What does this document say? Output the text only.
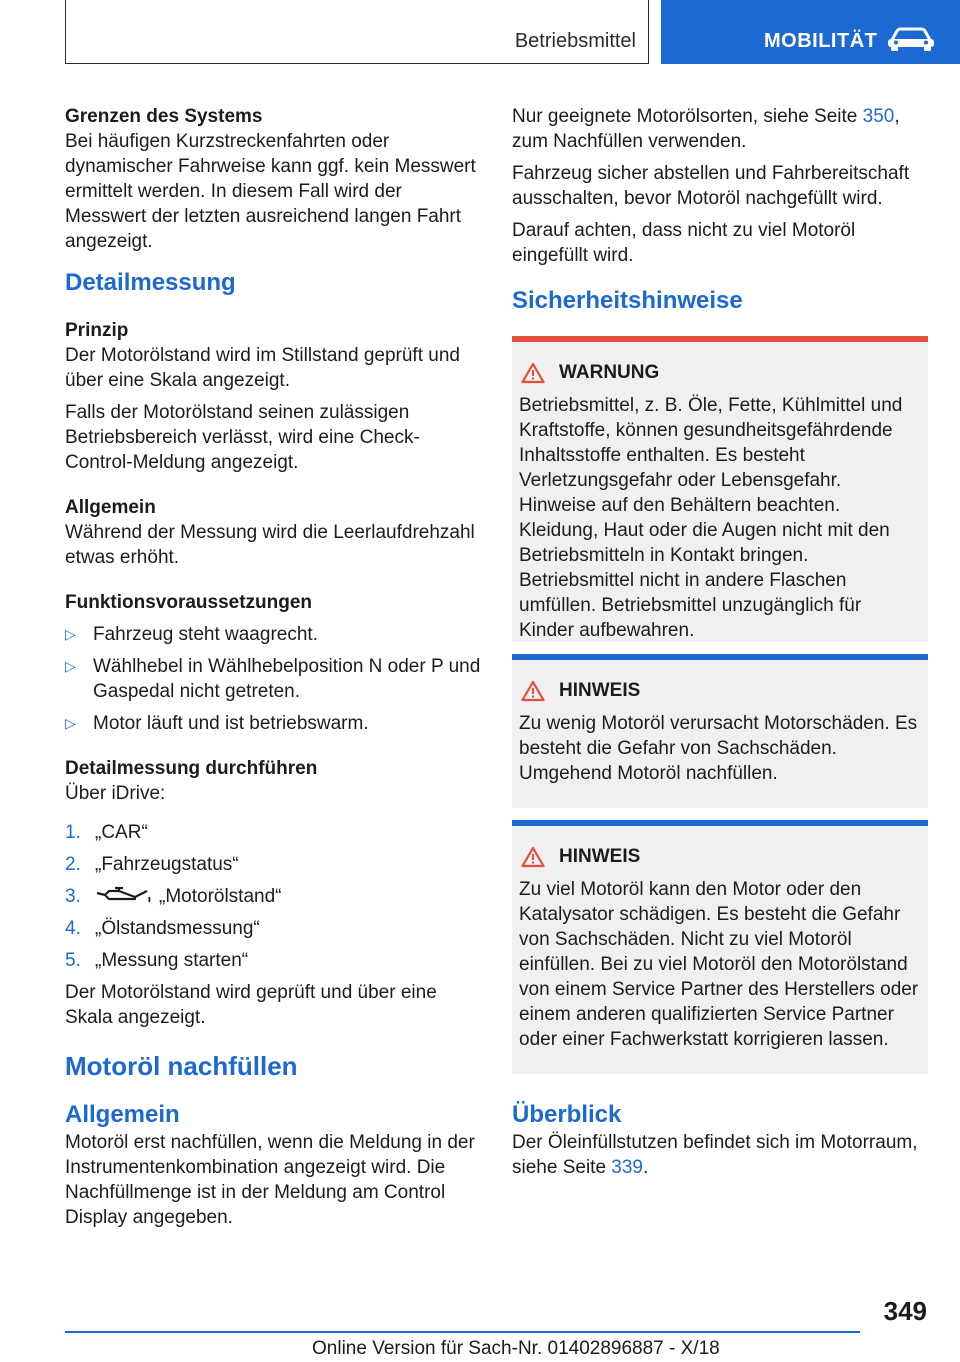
Betriebsmittel	MOBILITÄT

Grenzen des Systems

Bei häufigen Kurzstreckenfahrten oder dynamischer Fahrweise kann ggf. kein Messwert ermittelt werden. In diesem Fall wird der Messwert der letzten ausreichend langen Fahrt angezeigt.

Detailmessung

Prinzip

Der Motorölstand wird im Stillstand geprüft und über eine Skala angezeigt.

Falls der Motorölstand seinen zulässigen Betriebsbereich verlässt, wird eine Check-Control-Meldung angezeigt.

Allgemein

Während der Messung wird die Leerlaufdrehzahl etwas erhöht.

Funktionsvoraussetzungen

▷ Fahrzeug steht waagrecht.
▷ Wählhebel in Wählhebelposition N oder P und Gaspedal nicht getreten.
▷ Motor läuft und ist betriebswarm.

Detailmessung durchführen

Über iDrive:

1. „CAR“
2. „Fahrzeugstatus“
3.	„Motorölstand“
4. „Ölstandsmessung“
5. „Messung starten“

Der Motorölstand wird geprüft und über eine Skala angezeigt.

Motoröl nachfüllen

Allgemein

Motoröl erst nachfüllen, wenn die Meldung in der Instrumentenkombination angezeigt wird. Die Nachfüllmenge ist in der Meldung am Control Display angegeben.

Nur geeignete Motorölsorten, siehe Seite 350, zum Nachfüllen verwenden.

Fahrzeug sicher abstellen und Fahrbereitschaft ausschalten, bevor Motoröl nachgefüllt wird.

Darauf achten, dass nicht zu viel Motoröl eingefüllt wird.

Sicherheitshinweise

WARNUNG
Betriebsmittel, z. B. Öle, Fette, Kühlmittel und Kraftstoffe, können gesundheitsgefährdende Inhaltsstoffe enthalten. Es besteht Verletzungsgefahr oder Lebensgefahr. Hinweise auf den Behältern beachten. Kleidung, Haut oder die Augen nicht mit den Betriebsmitteln in Kontakt bringen. Betriebsmittel nicht in andere Flaschen umfüllen. Betriebsmittel unzugänglich für Kinder aufbewahren.
HINWEIS
Zu wenig Motoröl verursacht Motorschäden. Es besteht die Gefahr von Sachschäden. Umgehend Motoröl nachfüllen.
HINWEIS
Zu viel Motoröl kann den Motor oder den Katalysator schädigen. Es besteht die Gefahr von Sachschäden. Nicht zu viel Motoröl einfüllen. Bei zu viel Motoröl den Motorölstand von einem Service Partner des Herstellers oder einem anderen qualifizierten Service Partner oder einer Fachwerkstatt korrigieren lassen.

Überblick

Der Öleinfüllstutzen befindet sich im Motorraum, siehe Seite 339.

349
Online Version für Sach-Nr. 01402896887 - X/18
